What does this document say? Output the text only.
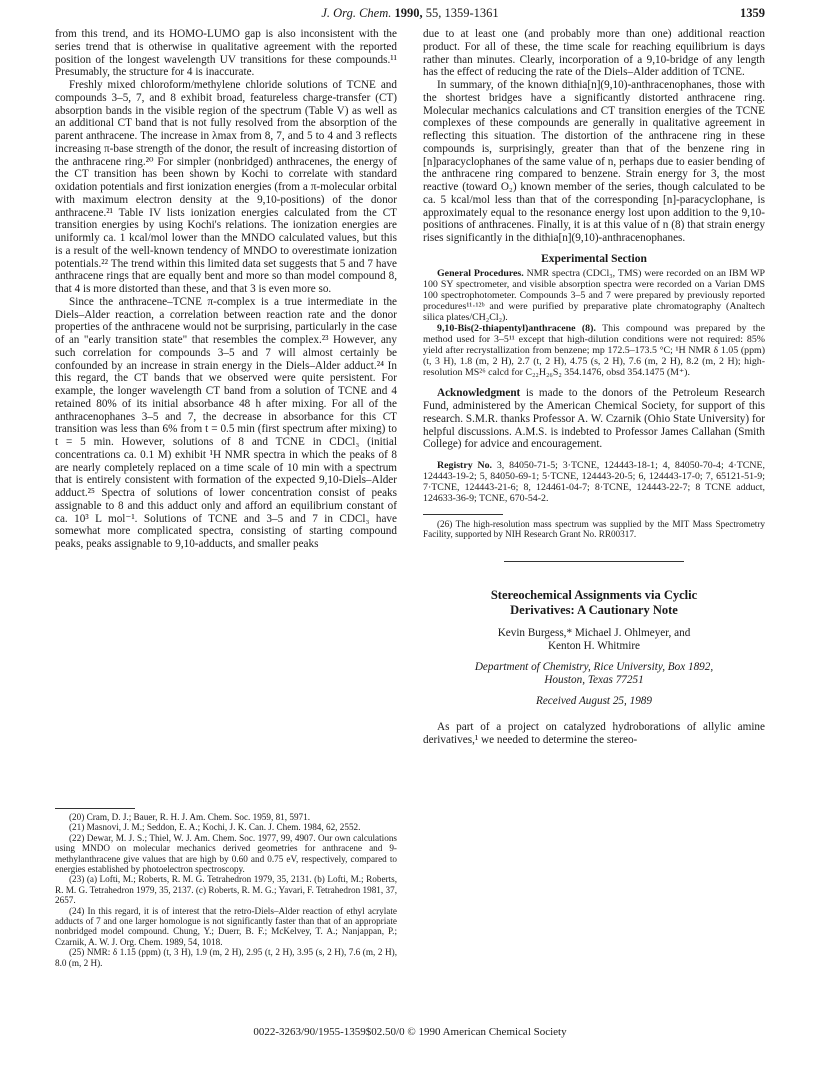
J. Org. Chem. 1990, 55, 1359-1361	1359

from this trend, and its HOMO-LUMO gap is also inconsistent with the series trend that is otherwise in qualitative agreement with the reported position of the longest wavelength UV transitions for these compounds.¹¹ Presumably, the structure for 4 is inaccurate.

Freshly mixed chloroform/methylene chloride solutions of TCNE and compounds 3–5, 7, and 8 exhibit broad, featureless charge-transfer (CT) absorption bands in the visible region of the spectrum (Table V) as well as an additional CT band that is not fully resolved from the absorption of the parent anthracene. The increase in λmax from 8, 7, and 5 to 4 and 3 reflects increasing π-base strength of the donor, the result of increasing distortion of the anthracene ring.²⁰ For simpler (nonbridged) anthracenes, the energy of the CT transition has been shown by Kochi to correlate with standard oxidation potentials and first ionization energies (from a π-molecular orbital with maximum electron density at the 9,10-positions) of the donor anthracene.²¹ Table IV lists ionization energies calculated from the CT transition energies by using Kochi's relations. The ionization energies are uniformly ca. 1 kcal/mol lower than the MNDO calculated values, but this is a result of the well-known tendency of MNDO to overestimate ionization potentials.²² The trend within this limited data set suggests that 5 and 7 have anthracene rings that are equally bent and more so than model compound 8, that 4 is more distorted than these, and that 3 is even more so.

Since the anthracene–TCNE π-complex is a true intermediate in the Diels–Alder reaction, a correlation between reaction rate and the donor properties of the anthracene would not be surprising, particularly in the case of an "early transition state" that resembles the complex.²³ However, any such correlation for compounds 3–5 and 7 will almost certainly be confounded by an increase in strain energy in the Diels–Alder adduct.²⁴ In this regard, the CT bands that we observed were quite persistent. For example, the longer wavelength CT band from a solution of TCNE and 4 retained 80% of its initial absorbance 48 h after mixing. For all of the anthracenophanes 3–5 and 7, the decrease in absorbance for this CT transition was less than 6% from t = 0.5 min (first spectrum after mixing) to t = 5 min. However, solutions of 8 and TCNE in CDCl₃ (initial concentrations ca. 0.1 M) exhibit ¹H NMR spectra in which the peaks of 8 are nearly completely replaced on a time scale of 10 min with a spectrum that is entirely consistent with formation of the expected 9,10-Diels–Alder adduct.²⁵ Spectra of solutions of lower concentration consist of peaks assignable to 8 and this adduct only and afford an equilibrium constant of ca. 10³ L mol⁻¹. Solutions of TCNE and 3–5 and 7 in CDCl₃ have somewhat more complicated spectra, consisting of starting compound peaks, peaks assignable to 9,10-adducts, and smaller peaks

(20) Cram, D. J.; Bauer, R. H. J. Am. Chem. Soc. 1959, 81, 5971.

(21) Masnovi, J. M.; Seddon, E. A.; Kochi, J. K. Can. J. Chem. 1984, 62, 2552.

(22) Dewar, M. J. S.; Thiel, W. J. Am. Chem. Soc. 1977, 99, 4907. Our own calculations using MNDO on molecular mechanics derived geometries for anthracene and 9-methylanthracene give values that are high by 0.60 and 0.75 eV, respectively, compared to energies established by photoelectron spectroscopy.

(23) (a) Lofti, M.; Roberts, R. M. G. Tetrahedron 1979, 35, 2131. (b) Lofti, M.; Roberts, R. M. G. Tetrahedron 1979, 35, 2137. (c) Roberts, R. M. G.; Yavari, F. Tetrahedron 1981, 37, 2657.

(24) In this regard, it is of interest that the retro-Diels–Alder reaction of ethyl acrylate adducts of 7 and one larger homologue is not significantly faster than that of an appropriate nonbridged model compound. Chung, Y.; Duerr, B. F.; McKelvey, T. A.; Nanjappan, P.; Czarnik, A. W. J. Org. Chem. 1989, 54, 1018.

(25) NMR: δ 1.15 (ppm) (t, 3 H), 1.9 (m, 2 H), 2.95 (t, 2 H), 3.95 (s, 2 H), 7.6 (m, 2 H), 8.0 (m, 2 H).

due to at least one (and probably more than one) additional reaction product. For all of these, the time scale for reaching equilibrium is days rather than minutes. Clearly, incorporation of a 9,10-bridge of any length has the effect of reducing the rate of the Diels–Alder addition of TCNE.

In summary, of the known dithia[n](9,10)-anthracenophanes, those with the shortest bridges have a significantly distorted anthracene ring. Molecular mechanics calculations and CT transition energies of the TCNE complexes of these compounds are generally in qualitative agreement in reflecting this situation. The distortion of the anthracene ring in these compounds is, surprisingly, greater than that of the benzene ring in [n]paracyclophanes of the same value of n, perhaps due to easier bending of the anthracene ring compared to benzene. Strain energy for 3, the most reactive (toward O₂) known member of the series, though calculated to be ca. 5 kcal/mol less than that of the corresponding [n]-paracyclophane, is approximately equal to the resonance energy lost upon addition to the 9,10-positions of anthracenes. Finally, it is at this value of n (8) that strain energy rises significantly in the dithia[n](9,10)-anthracenophanes.

Experimental Section

General Procedures. NMR spectra (CDCl₃, TMS) were recorded on an IBM WP 100 SY spectrometer, and visible absorption spectra were recorded on a Varian DMS 100 spectrophotometer. Compounds 3–5 and 7 were prepared by previously reported procedures¹¹·¹²ᵇ and were purified by preparative plate chromatography (Analtech silica plates/CH₂Cl₂).

9,10-Bis(2-thiapentyl)anthracene (8). This compound was prepared by the method used for 3–5¹¹ except that high-dilution conditions were not required: 85% yield after recrystallization from benzene; mp 172.5–173.5 °C; ¹H NMR δ 1.05 (ppm) (t, 3 H), 1.8 (m, 2 H), 2.7 (t, 2 H), 4.75 (s, 2 H), 7.6 (m, 2 H), 8.2 (m, 2 H); high-resolution MS²⁶ calcd for C₂₂H₂₆S₂ 354.1476, obsd 354.1475 (M⁺).

Acknowledgment is made to the donors of the Petroleum Research Fund, administered by the American Chemical Society, for support of this research. S.M.R. thanks Professor A. W. Czarnik (Ohio State University) for helpful discussions. A.M.S. is indebted to Professor James Callahan (Smith College) for advice and encouragement.

Registry No. 3, 84050-71-5; 3·TCNE, 124443-18-1; 4, 84050-70-4; 4·TCNE, 124443-19-2; 5, 84050-69-1; 5·TCNE, 124443-20-5; 6, 124443-17-0; 7, 65121-51-9; 7·TCNE, 124443-21-6; 8, 124461-04-7; 8·TCNE, 124443-22-7; 8 TCNE adduct, 124633-36-9; TCNE, 670-54-2.

(26) The high-resolution mass spectrum was supplied by the MIT Mass Spectrometry Facility, supported by NIH Research Grant No. RR00317.

Stereochemical Assignments via Cyclic
Derivatives: A Cautionary Note
Kevin Burgess,* Michael J. Ohlmeyer, and
Kenton H. Whitmire
Department of Chemistry, Rice University, Box 1892,
Houston, Texas 77251
Received August 25, 1989

As part of a project on catalyzed hydroborations of allylic amine derivatives,¹ we needed to determine the stereo-

0022-3263/90/1955-1359$02.50/0 © 1990 American Chemical Society
